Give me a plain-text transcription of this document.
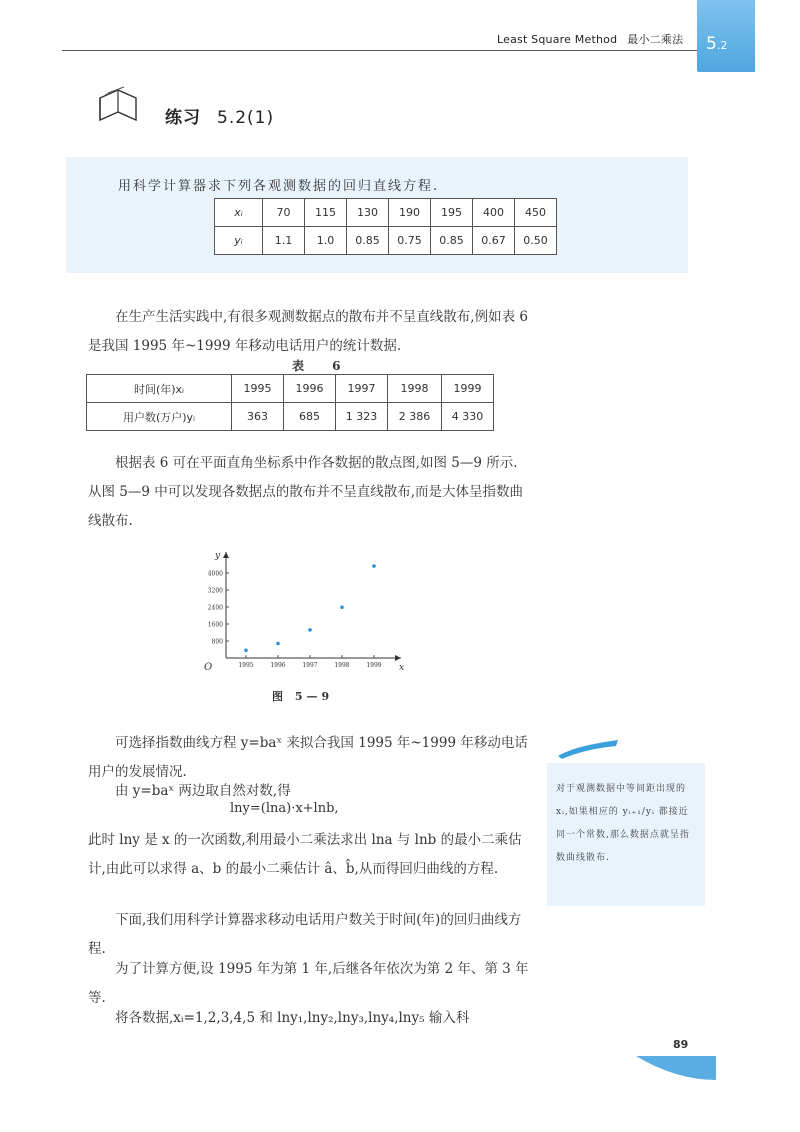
Least Square Method 最小二乘法 5.2
练习 5.2(1)
用科学计算器求下列各观测数据的回归直线方程.
xᵢ	70	115	130	190	195	400	450
yᵢ	1.1	1.0	0.85	0.75	0.85	0.67	0.50
在生产生活实践中,有很多观测数据点的散布并不呈直线散布,例如表 6 是我国 1995 年~1999 年移动电话用户的统计数据.
表 6
时间(年)xᵢ	1995	1996	1997	1998	1999
用户数(万户)yᵢ	363	685	1 323	2 386	4 330
根据表 6 可在平面直角坐标系中作各数据的散点图,如图 5—9 所示. 从图 5—9 中可以发现各数据点的散布并不呈直线散布,而是大体呈指数曲线散布.
x
y
O
800
1600
2400
3200
4000
1995	1996	1997	1998	1999
图 5—9
可选择指数曲线方程 y=baˣ 来拟合我国 1995 年~1999 年移动电话用户的发展情况.
由 y=baˣ 两边取自然对数,得
lny=(lna)·x+lnb,
此时 lny 是 x 的一次函数,利用最小二乘法求出 lna 与 lnb 的最小二乘估计,由此可以求得 a、b 的最小二乘估计 â、b̂,从而得回归曲线的方程.
下面,我们用科学计算器求移动电话用户数关于时间(年)的回归曲线方程.
为了计算方便,设 1995 年为第 1 年,后继各年依次为第 2 年、第 3 年等.
将各数据,xᵢ=1,2,3,4,5 和 lny₁,lny₂,lny₃,lny₄,lny₅ 输入科
对于观测数据中等间距出现的 xᵢ,如果相应的 yᵢ₊₁/yᵢ 都接近同一个常数,那么数据点就呈指数曲线散布.
89
